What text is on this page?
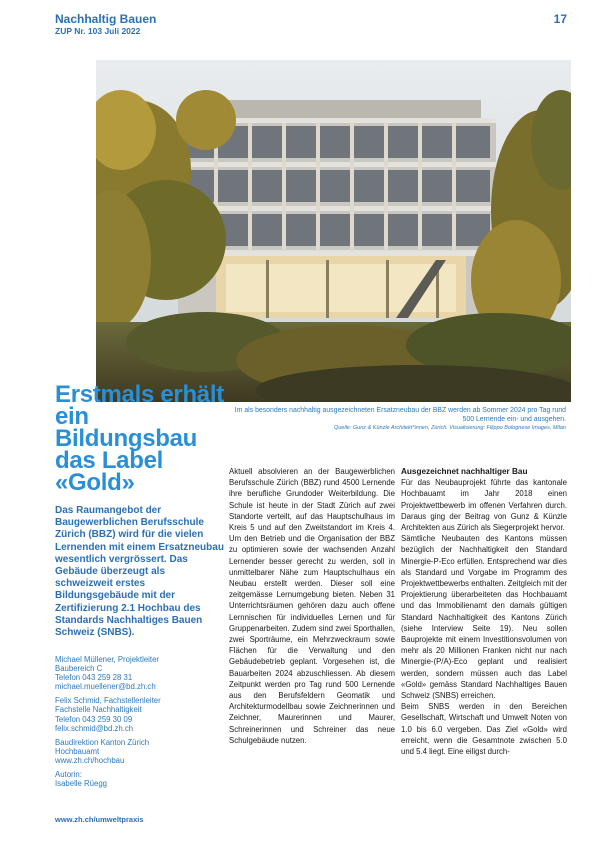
Nachhaltig Bauen
ZUP Nr. 103 Juli 2022
17
Im als besonders nachhaltig ausgezeichneten Ersatzneubau der BBZ werden ab Sommer 2024 pro Tag rund 500 Lernende ein- und ausgehen.
Quelle: Gunz & Künzle Architekt*innen, Zürich. Visualisierung: Filippo Bolognese Images, Milan
Erstmals erhält ein Bildungsbau das Label «Gold»

Das Raumangebot der Baugewerblichen Berufsschule Zürich (BBZ) wird für die vielen Lernenden mit einem Ersatzneubau wesentlich vergrössert. Das Gebäude überzeugt als schweizweit erstes Bildungsgebäude mit der Zertifizierung 2.1 Hochbau des Standards Nachhaltiges Bauen Schweiz (SNBS).

Michael Müllener, Projektleiter
Baubereich C
Telefon 043 259 28 31
michael.muellener@bd.zh.ch
Felix Schmid, Fachstellenleiter
Fachstelle Nachhaltigkeit
Telefon 043 259 30 09
felix.schmid@bd.zh.ch
Baudirektion Kanton Zürich
Hochbauamt
www.zh.ch/hochbau
Autorin:
Isabelle Rüegg

Aktuell absolvieren an der Baugewerblichen Berufsschule Zürich (BBZ) rund 4500 Lernende ihre berufliche Grundoder Weiterbildung. Die Schule ist heute in der Stadt Zürich auf zwei Standorte verteilt, auf das Hauptschulhaus im Kreis 5 und auf den Zweitstandort im Kreis 4. Um den Betrieb und die Organisation der BBZ zu optimieren sowie der wachsenden Anzahl Lernender besser gerecht zu werden, soll in unmittelbarer Nähe zum Hauptschulhaus ein Neubau erstellt werden. Dieser soll eine zeitgemässe Lernumgebung bieten. Neben 31 Unterrichtsräumen gehören dazu auch offene Lernnischen für individuelles Lernen und für Gruppenarbeiten. Zudem sind zwei Sporthallen, zwei Sporträume, ein Mehrzweckraum sowie Flächen für die Verwaltung und den Gebäudebetrieb geplant. Vorgesehen ist, die Bauarbeiten 2024 abzuschliessen. Ab diesem Zeitpunkt werden pro Tag rund 500 Lernende aus den Berufsfeldern Geomatik und Architekturmodellbau sowie Zeichnerinnen und Zeichner, Maurerinnen und Maurer, Schreinerinnen und Schreiner das neue Schulgebäude nutzen.

Ausgezeichnet nachhaltiger Bau

Für das Neubauprojekt führte das kantonale Hochbauamt im Jahr 2018 einen Projektwettbewerb im offenen Verfahren durch. Daraus ging der Beitrag von Gunz & Künzle Architekten aus Zürich als Siegerprojekt hervor.

Sämtliche Neubauten des Kantons müssen bezüglich der Nachhaltigkeit den Standard Minergie-P-Eco erfüllen. Entsprechend war dies als Standard und Vorgabe im Programm des Projektwettbewerbs enthalten. Zeitgleich mit der Projektierung überarbeiteten das Hochbauamt und das Immobilienamt den damals gültigen Standard Nachhaltigkeit des Kantons Zürich (siehe Interview Seite 19). Neu sollen Bauprojekte mit einem Investitionsvolumen von mehr als 20 Millionen Franken nicht nur nach Minergie-(P/A)-Eco geplant und realisiert werden, sondern müssen auch das Label «Gold» gemäss Standard Nachhaltiges Bauen Schweiz (SNBS) erreichen.

Beim SNBS werden in den Bereichen Gesellschaft, Wirtschaft und Umwelt Noten von 1.0 bis 6.0 vergeben. Das Ziel «Gold» wird erreicht, wenn die Gesamtnote zwischen 5.0 und 5.4 liegt. Eine eiligst durch-

www.zh.ch/umweltpraxis
